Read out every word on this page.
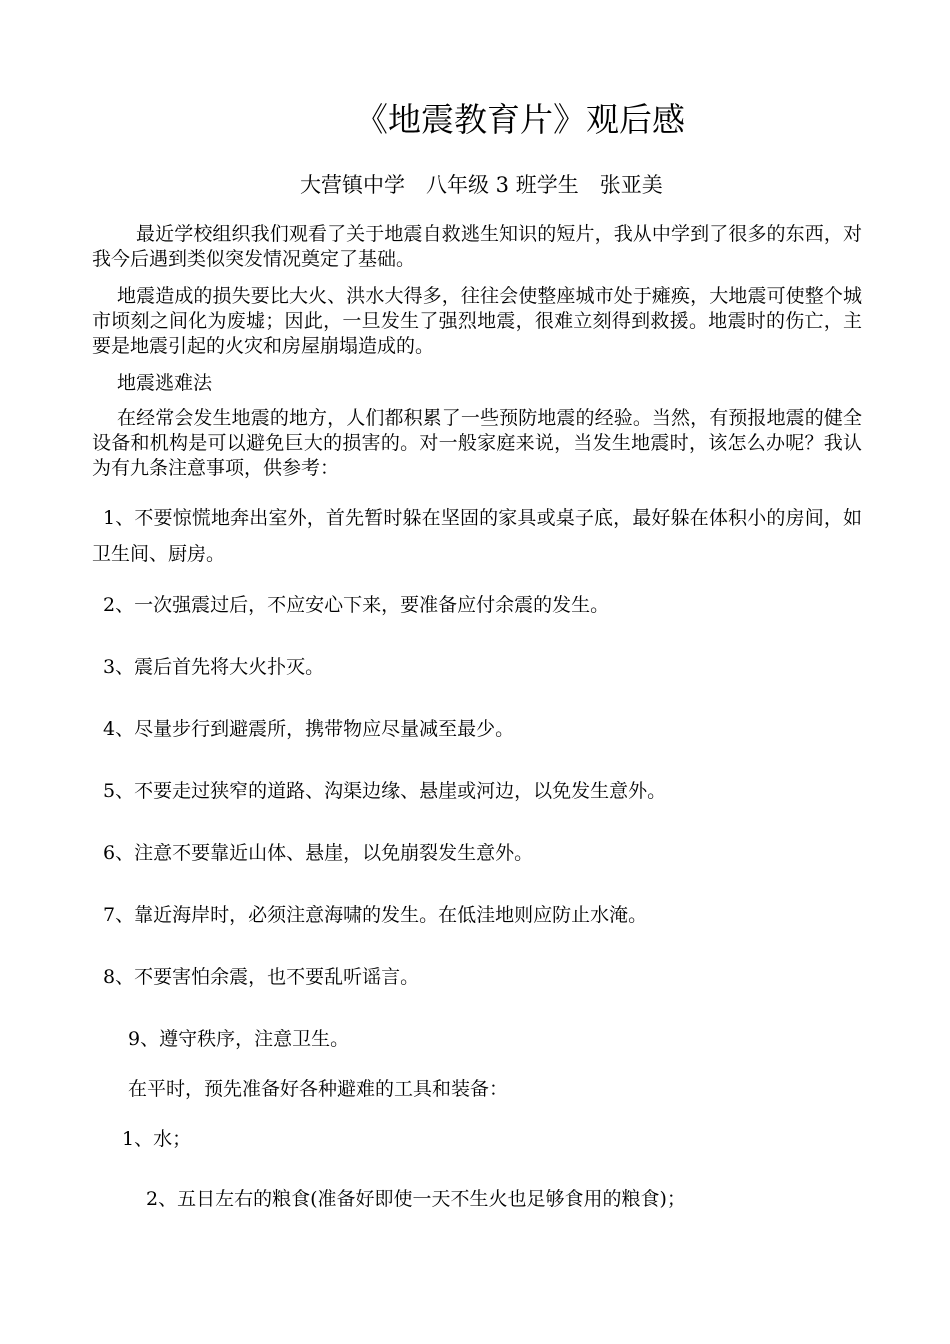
《地震教育片》观后感
大营镇中学　八年级 3 班学生　张亚美

最近学校组织我们观看了关于地震自救逃生知识的短片，我从中学到了很多的东西，对我今后遇到类似突发情况奠定了基础。

地震造成的损失要比大火、洪水大得多，往往会使整座城市处于瘫痪，大地震可使整个城市顷刻之间化为废墟；因此，一旦发生了强烈地震，很难立刻得到救援。地震时的伤亡，主要是地震引起的火灾和房屋崩塌造成的。

地震逃难法

在经常会发生地震的地方，人们都积累了一些预防地震的经验。当然，有预报地震的健全设备和机构是可以避免巨大的损害的。对一般家庭来说，当发生地震时，该怎么办呢？我认为有九条注意事项，供参考：

1、不要惊慌地奔出室外，首先暂时躲在坚固的家具或桌子底，最好躲在体积小的房间，如卫生间、厨房。

2、一次强震过后，不应安心下来，要准备应付余震的发生。

3、震后首先将大火扑灭。

4、尽量步行到避震所，携带物应尽量减至最少。

5、不要走过狭窄的道路、沟渠边缘、悬崖或河边，以免发生意外。

6、注意不要靠近山体、悬崖，以免崩裂发生意外。

7、靠近海岸时，必须注意海啸的发生。在低洼地则应防止水淹。

8、不要害怕余震，也不要乱听谣言。

9、遵守秩序，注意卫生。

在平时，预先准备好各种避难的工具和装备：

1、水；

2、五日左右的粮食(准备好即使一天不生火也足够食用的粮食)；
